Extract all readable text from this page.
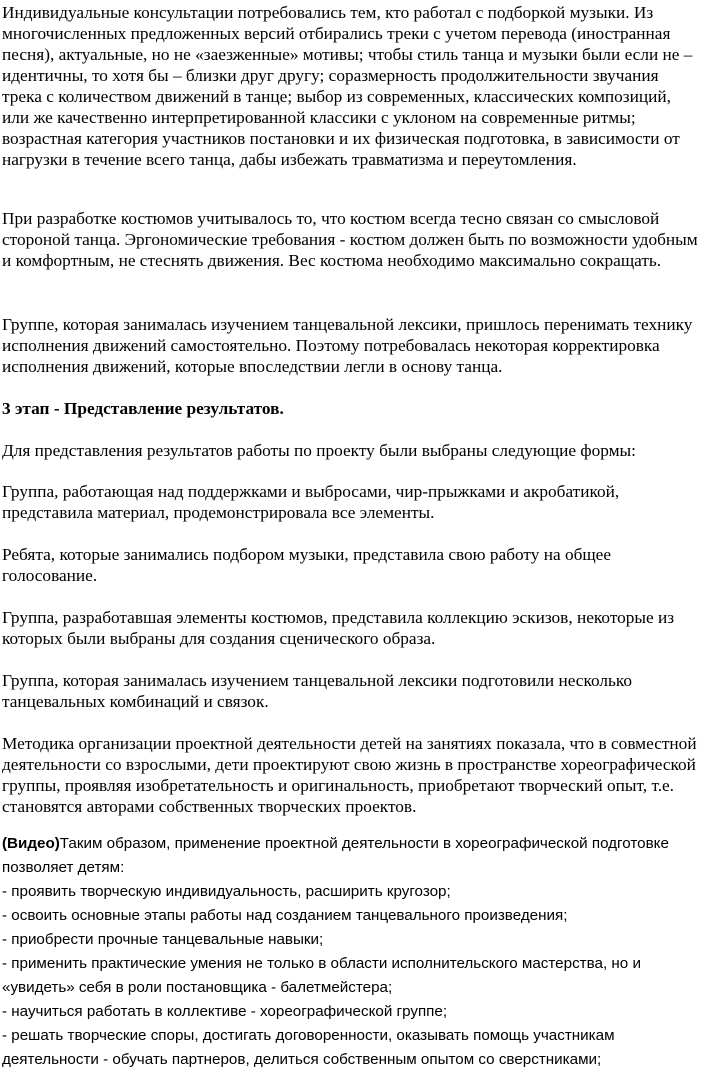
Индивидуальные консультации потребовались тем, кто работал с подборкой музыки. Из многочисленных предложенных версий отбирались треки с учетом перевода (иностранная песня), актуальные, но не «заезженные» мотивы; чтобы стиль танца и музыки были если не – идентичны, то хотя бы – близки друг другу; соразмерность продолжительности звучания трека с количеством движений в танце; выбор из современных, классических композиций, или же качественно интерпретированной классики с уклоном на современные ритмы; возрастная категория участников постановки и их физическая подготовка, в зависимости от нагрузки в течение всего танца, дабы избежать травматизма и переутомления.

При разработке костюмов учитывалось то, что костюм всегда тесно связан со смысловой стороной танца. Эргономические требования - костюм должен быть по возможности удобным и комфортным, не стеснять движения. Вес костюма необходимо максимально сокращать.

Группе, которая занималась изучением танцевальной лексики, пришлось перенимать технику исполнения движений самостоятельно. Поэтому потребовалась некоторая корректировка исполнения движений, которые впоследствии легли в основу танца.

3 этап - Представление результатов.

Для представления результатов работы по проекту были выбраны следующие формы:

Группа, работающая над поддержками и выбросами, чир-прыжками и акробатикой, представила материал, продемонстрировала все элементы.

Ребята, которые занимались подбором музыки, представила свою работу на общее голосование.

Группа, разработавшая элементы костюмов, представила коллекцию эскизов, некоторые из которых были выбраны для создания сценического образа.

Группа, которая занималась изучением танцевальной лексики подготовили несколько танцевальных комбинаций и связок.

Методика организации проектной деятельности детей на занятиях показала, что в совместной деятельности со взрослыми, дети проектируют свою жизнь в пространстве хореографической группы, проявляя изобретательность и оригинальность, приобретают творческий опыт, т.е. становятся авторами собственных творческих проектов.

(Видео)Таким образом, применение проектной деятельности в хореографической подготовке позволяет детям:
- проявить творческую индивидуальность, расширить кругозор;
- освоить основные этапы работы над созданием танцевального произведения;
- приобрести прочные танцевальные навыки;
- применить практические умения не только в области исполнительского мастерства, но и «увидеть» себя в роли постановщика - балетмейстера;
- научиться работать в коллективе - хореографической группе;
- решать творческие споры, достигать договоренности, оказывать помощь участникам деятельности - обучать партнеров, делиться собственным опытом со сверстниками;
